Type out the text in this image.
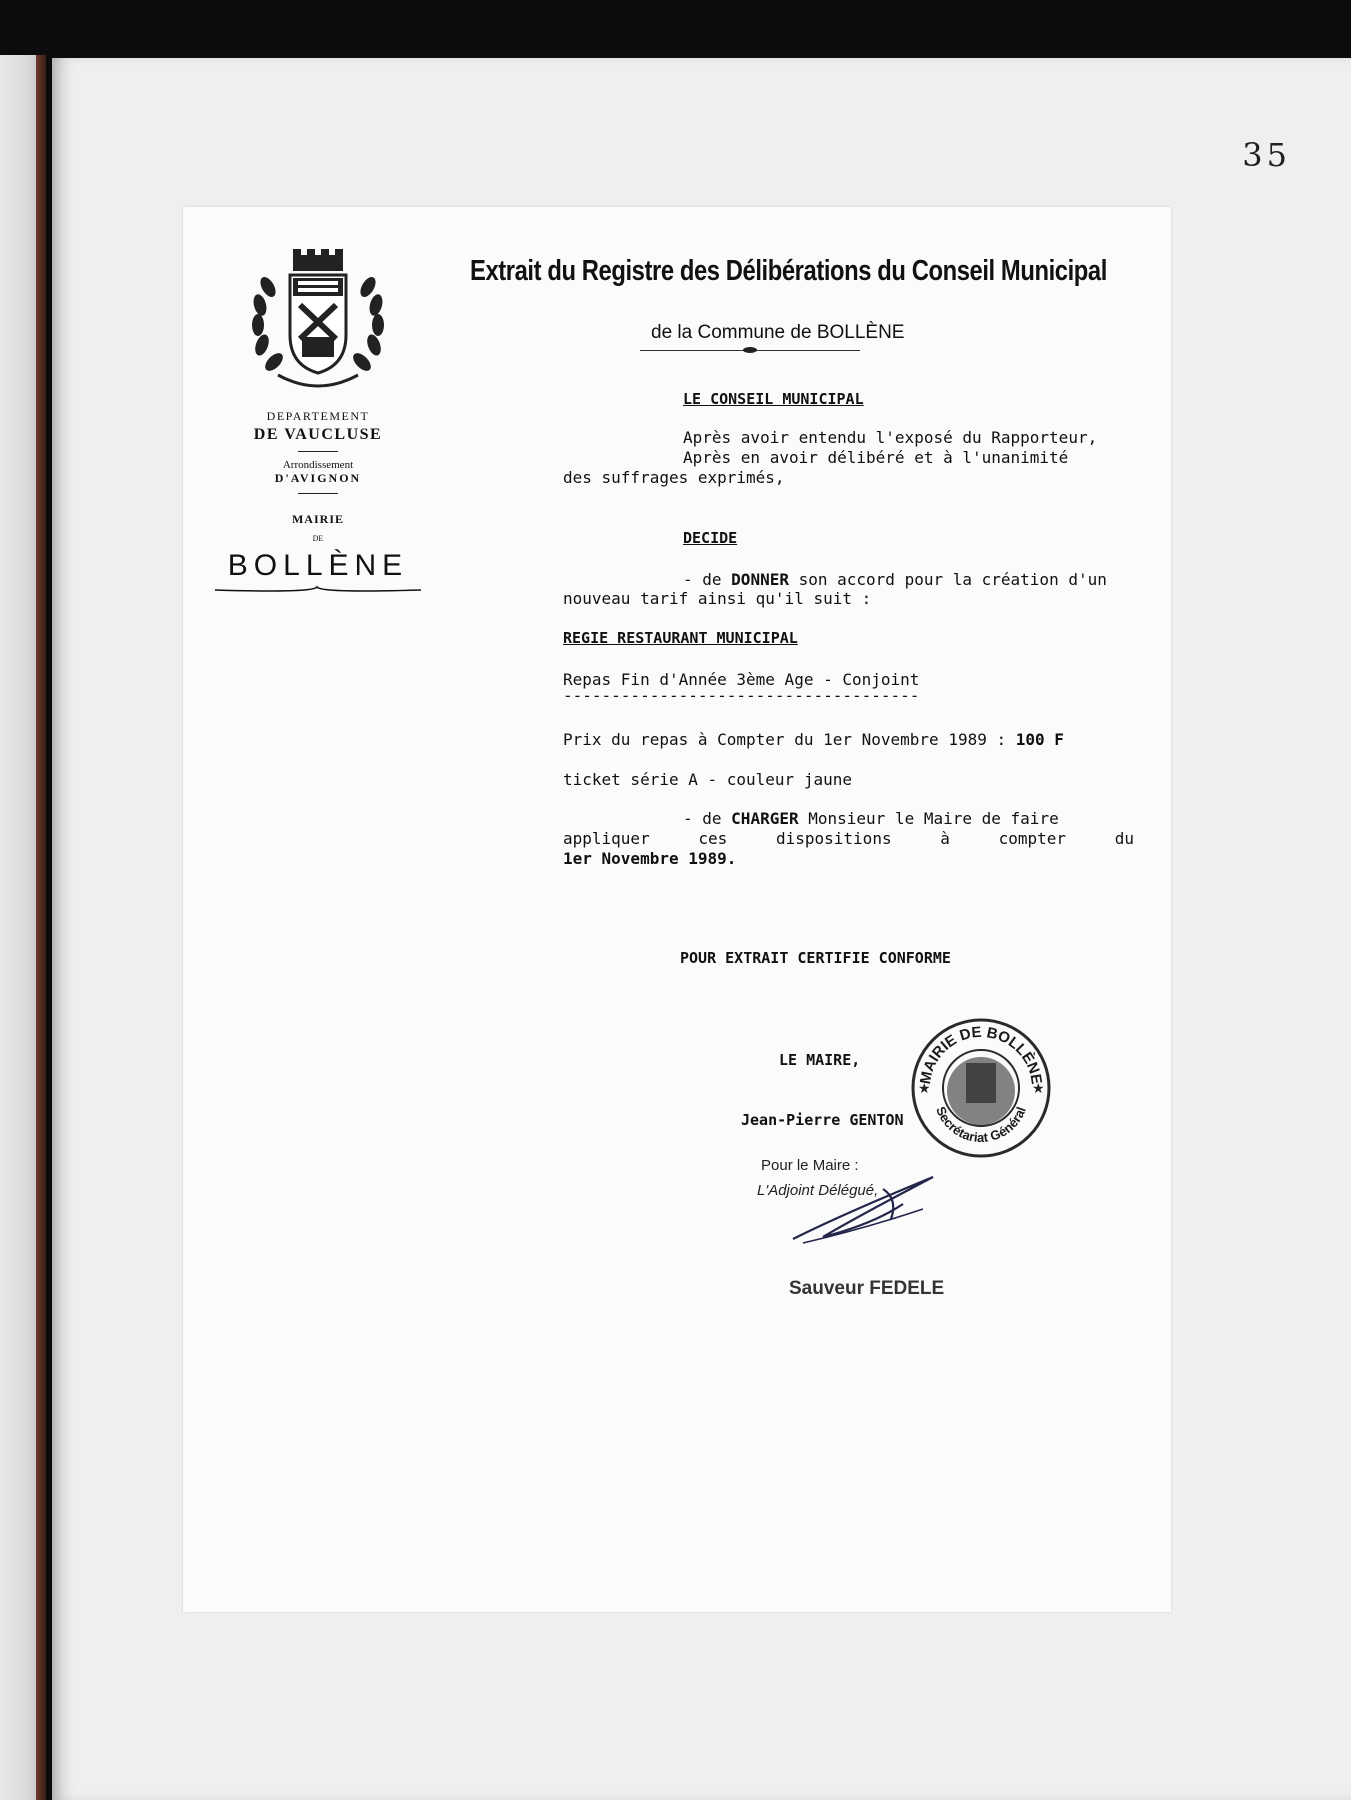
35
DEPARTEMENT
DE VAUCLUSE
Arrondissement
D'AVIGNON
MAIRIE
DE
BOLLÈNE
Extrait du Registre des Délibérations du Conseil Municipal
de la Commune de BOLLÈNE
LE CONSEIL MUNICIPAL
Après avoir entendu l'exposé du Rapporteur,
Après en avoir délibéré et à l'unanimité
des suffrages exprimés,
DECIDE
- de DONNER son accord pour la création d'un
nouveau tarif ainsi qu'il suit :
REGIE RESTAURANT MUNICIPAL
Repas Fin d'Année 3ème Age - Conjoint
-------------------------------------
Prix du repas à Compter du 1er Novembre 1989 : 100 F
ticket série A - couleur jaune
- de CHARGER Monsieur le Maire de faire
appliquer ces dispositions à compter du
1er Novembre 1989.
POUR EXTRAIT CERTIFIE CONFORME
LE MAIRE,
Jean-Pierre GENTON
MAIRIE DE BOLLÈNE
Secrétariat Général
★	★
Pour le Maire :
L'Adjoint Délégué,
Sauveur FEDELE
